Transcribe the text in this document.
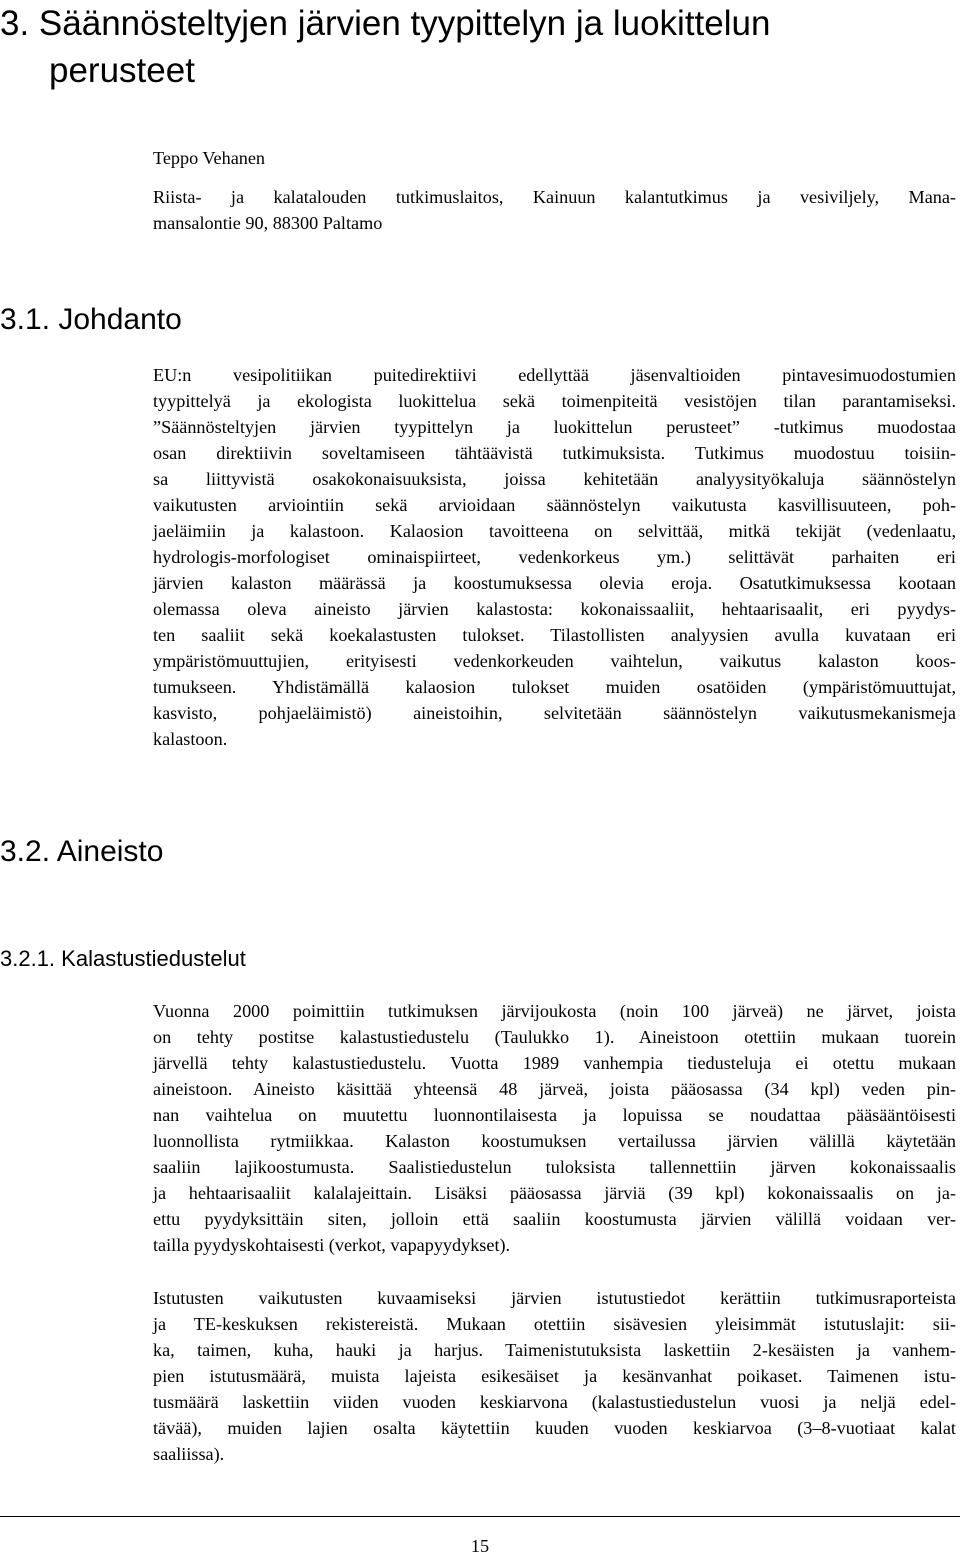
3. Säännösteltyjen järvien tyypittelyn ja luokittelun
perusteet
Teppo Vehanen
Riista- ja kalatalouden tutkimuslaitos, Kainuun kalantutkimus ja vesiviljely, Mana-
mansalontie 90, 88300 Paltamo
3.1. Johdanto
EU:n vesipolitiikan puitedirektiivi edellyttää jäsenvaltioiden pintavesimuodostumien
tyypittelyä ja ekologista luokittelua sekä toimenpiteitä vesistöjen tilan parantamiseksi.
”Säännösteltyjen järvien tyypittelyn ja luokittelun perusteet” -tutkimus muodostaa
osan direktiivin soveltamiseen tähtäävistä tutkimuksista. Tutkimus muodostuu toisiin-
sa liittyvistä osakokonaisuuksista, joissa kehitetään analyysityökaluja säännöstelyn
vaikutusten arviointiin sekä arvioidaan säännöstelyn vaikutusta kasvillisuuteen, poh-
jaeläimiin ja kalastoon. Kalaosion tavoitteena on selvittää, mitkä tekijät (vedenlaatu,
hydrologis-morfologiset ominaispiirteet, vedenkorkeus ym.) selittävät parhaiten eri
järvien kalaston määrässä ja koostumuksessa olevia eroja. Osatutkimuksessa kootaan
olemassa oleva aineisto järvien kalastosta: kokonaissaaliit, hehtaarisaalit, eri pyydys-
ten saaliit sekä koekalastusten tulokset. Tilastollisten analyysien avulla kuvataan eri
ympäristömuuttujien, erityisesti vedenkorkeuden vaihtelun, vaikutus kalaston koos-
tumukseen. Yhdistämällä kalaosion tulokset muiden osatöiden (ympäristömuuttujat,
kasvisto, pohjaeläimistö) aineistoihin, selvitetään säännöstelyn vaikutusmekanismeja
kalastoon.
3.2. Aineisto
3.2.1. Kalastustiedustelut
Vuonna 2000 poimittiin tutkimuksen järvijoukosta (noin 100 järveä) ne järvet, joista
on tehty postitse kalastustiedustelu (Taulukko 1). Aineistoon otettiin mukaan tuorein
järvellä tehty kalastustiedustelu. Vuotta 1989 vanhempia tiedusteluja ei otettu mukaan
aineistoon. Aineisto käsittää yhteensä 48 järveä, joista pääosassa (34 kpl) veden pin-
nan vaihtelua on muutettu luonnontilaisesta ja lopuissa se noudattaa pääsääntöisesti
luonnollista rytmiikkaa. Kalaston koostumuksen vertailussa järvien välillä käytetään
saaliin lajikoostumusta. Saalistiedustelun tuloksista tallennettiin järven kokonaissaalis
ja hehtaarisaaliit kalalajeittain. Lisäksi pääosassa järviä (39 kpl) kokonaissaalis on ja-
ettu pyydyksittäin siten, jolloin että saaliin koostumusta järvien välillä voidaan ver-
tailla pyydyskohtaisesti (verkot, vapapyydykset).
Istutusten vaikutusten kuvaamiseksi järvien istutustiedot kerättiin tutkimusraporteista
ja TE-keskuksen rekistereistä. Mukaan otettiin sisävesien yleisimmät istutuslajit: sii-
ka, taimen, kuha, hauki ja harjus. Taimenistutuksista laskettiin 2-kesäisten ja vanhem-
pien istutusmäärä, muista lajeista esikesäiset ja kesänvanhat poikaset. Taimenen istu-
tusmäärä laskettiin viiden vuoden keskiarvona (kalastustiedustelun vuosi ja neljä edel-
tävää), muiden lajien osalta käytettiin kuuden vuoden keskiarvoa (3–8-vuotiaat kalat
saaliissa).
15
